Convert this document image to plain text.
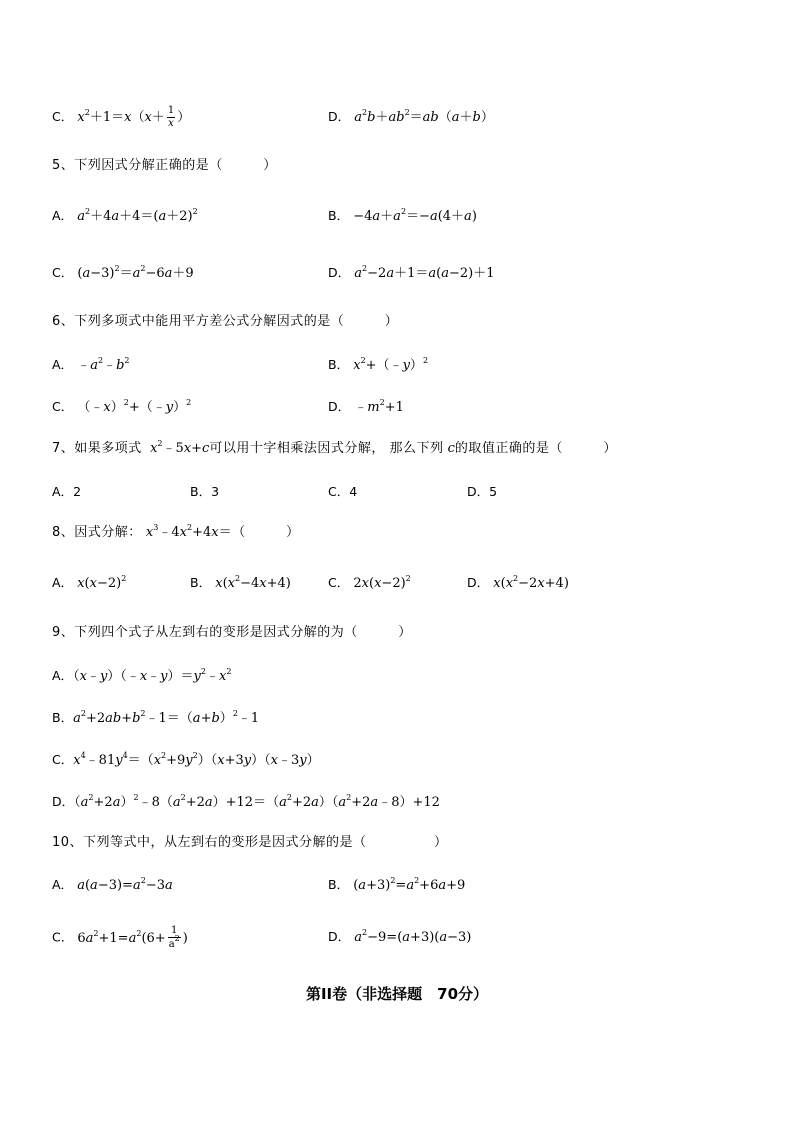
C． $x^2+1=x(x+ \frac{1}{x}$ ）	D． $a^2b+ab^2=ab(a+b)$
5、下列因式分解正确的是（　　　）
A． $a^2+4a+4=(a+2)^2$	B． $-4a+a^2=-a(4+a)$
C． $(a-3)^2=a^2-6a+9$	D． $a^2-2a+1=a(a-2)+1$
6、下列多项式中能用平方差公式分解因式的是（　　　）
A． $﹣a^2﹣b^2$	B． $x^2+(﹣y)^2$
C． （﹣x）$^2$+（﹣y）$^2$	D． $﹣m^2+1$
7、如果多项式 $x^2﹣5x+c$可以用十字相乘法因式分解， 那么下列 c的取值正确的是（　　　）
A．2	B．3	C．4	D．5
8、因式分解： $x^3﹣4x^2+4x=$（　　　）
A． $x(x-2)^2$	B． $x(x^2-4x+4)$	C． $2x(x-2)^2$	D． $x(x^2-2x+4)$
9、下列四个式子从左到右的变形是因式分解的为（　　　）
A．$(x﹣y)(﹣x﹣y)=y^2﹣x^2$
B．$a^2+2ab+b^2﹣1=(a+b)^2﹣1$
C．$x^4﹣81y^4=(x^2+9y^2)(x+3y)(x﹣3y)$
D．$(a^2+2a)^2﹣8(a^2+2a)+12=(a^2+2a)(a^2+2a﹣8)+12$
10、下列等式中，从左到右的变形是因式分解的是（　　　　　）
A． $a(a-3)=a^2-3a$	B． $(a+3)^2=a^2+6a+9$
C． $6a^2+1=a^2(6+ \frac{1}{a^2}$ )	D． $a^2-9=(a+3)(a-3)$
第II卷（非选择题　70分）
